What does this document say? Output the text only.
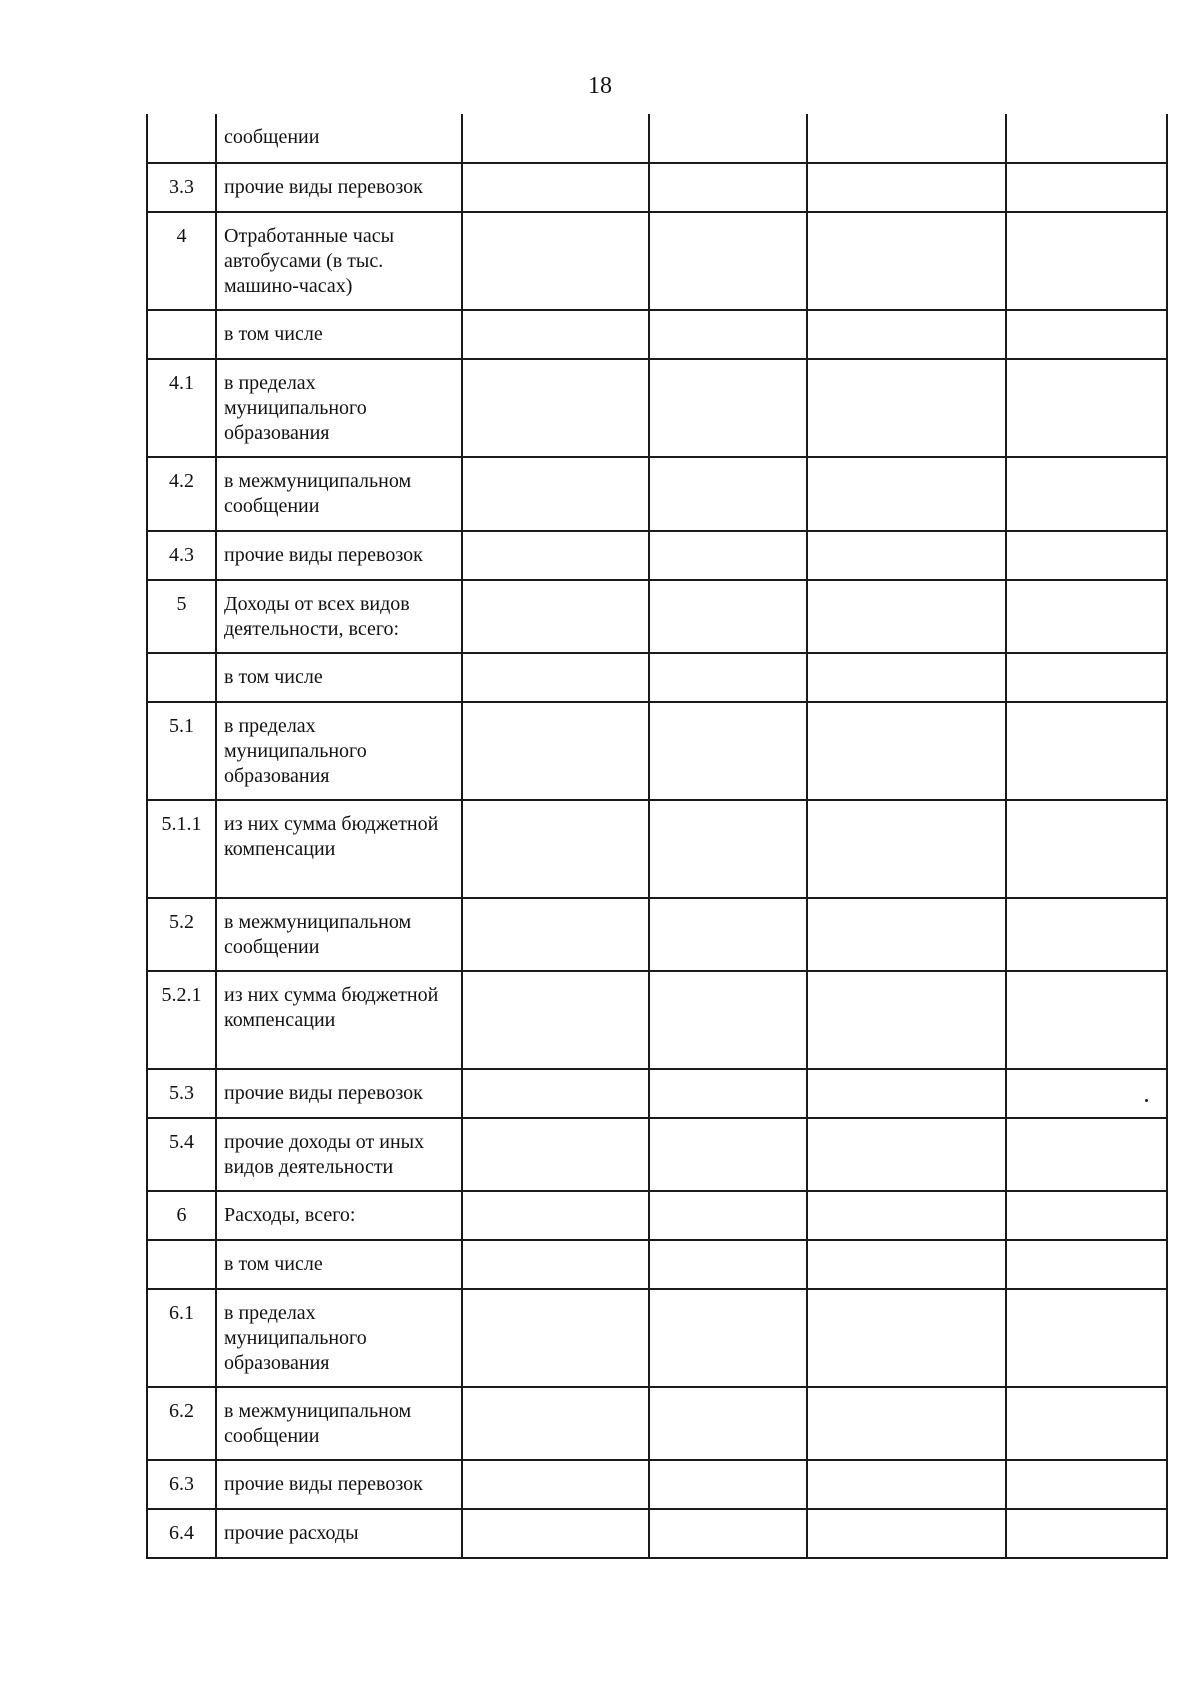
18
	сообщении				
3.3	прочие виды перевозок				
4	Отработанные часы автобусами (в тыс. машино-часах)				
	в том числе				
4.1	в пределах муниципального образования				
4.2	в межмуниципальном сообщении				
4.3	прочие виды перевозок				
5	Доходы от всех видов деятельности, всего:				
	в том числе				
5.1	в пределах муниципального образования				
5.1.1	из них сумма бюджетной компенсации				
5.2	в межмуниципальном сообщении				
5.2.1	из них сумма бюджетной компенсации				
5.3	прочие виды перевозок				
5.4	прочие доходы от иных видов деятельности				
6	Расходы, всего:				
	в том числе				
6.1	в пределах муниципального образования				
6.2	в межмуниципальном сообщении				
6.3	прочие виды перевозок				
6.4	прочие расходы				
